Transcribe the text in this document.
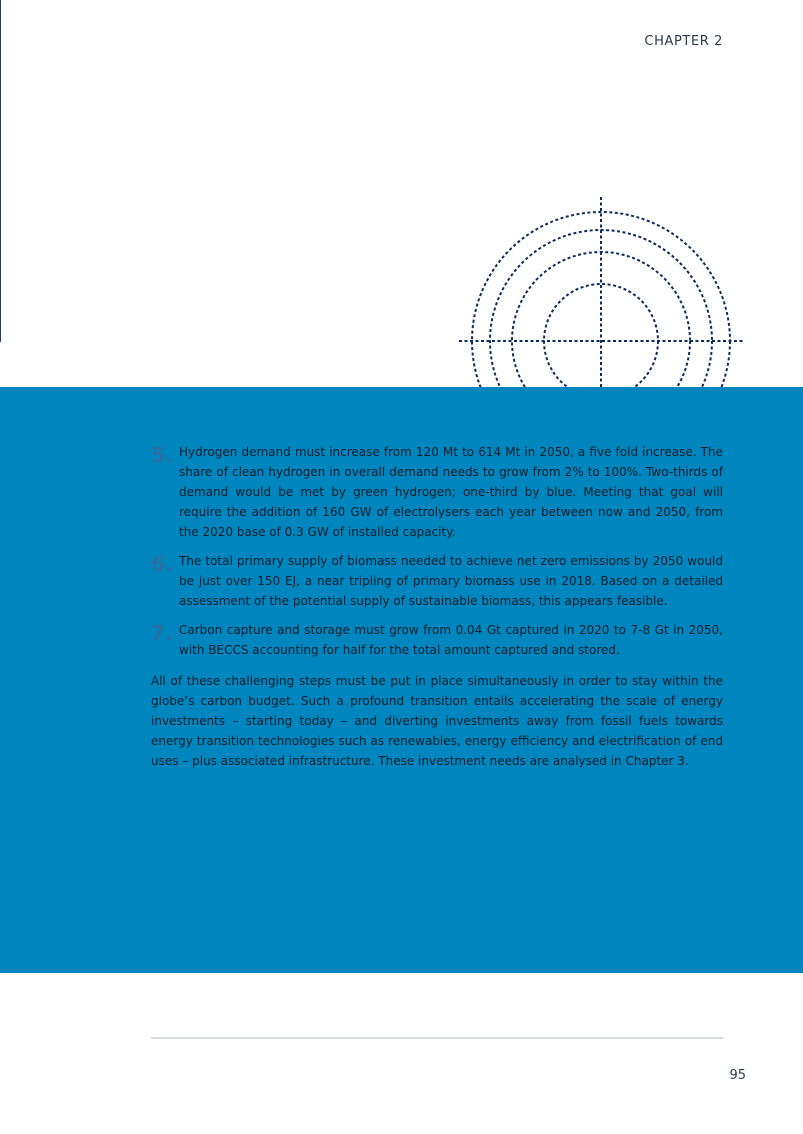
CHAPTER 2
5. Hydrogen demand must increase from 120 Mt to 614 Mt in 2050, a five fold increase. The share of clean hydrogen in overall demand needs to grow from 2% to 100%. Two-thirds of demand would be met by green hydrogen; one-third by blue. Meeting that goal will require the addition of 160 GW of electrolysers each year between now and 2050, from the 2020 base of 0.3 GW of installed capacity.
6. The total primary supply of biomass needed to achieve net zero emissions by 2050 would be just over 150 EJ, a near tripling of primary biomass use in 2018. Based on a detailed assessment of the potential supply of sustainable biomass, this appears feasible.
7. Carbon capture and storage must grow from 0.04 Gt captured in 2020 to 7-8 Gt in 2050, with BECCS accounting for half for the total amount captured and stored.

All of these challenging steps must be put in place simultaneously in order to stay within the globe’s carbon budget. Such a profound transition entails accelerating the scale of energy investments – starting today – and diverting investments away from fossil fuels towards energy transition technologies such as renewables, energy efficiency and electrification of end uses – plus associated infrastructure. These investment needs are analysed in Chapter 3.

95
